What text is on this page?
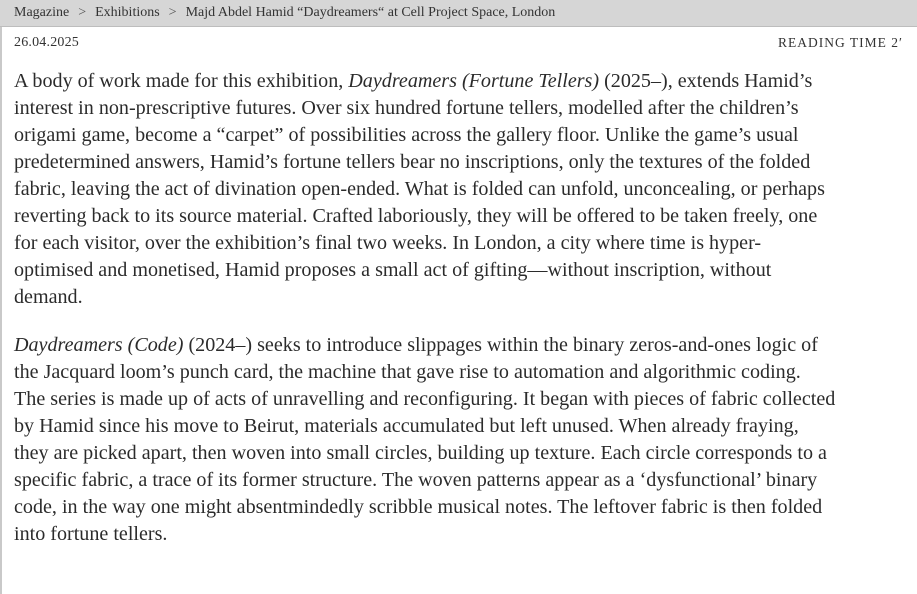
Magazine > Exhibitions > Majd Abdel Hamid “Daydreamers“ at Cell Project Space, London
26.04.2025	READING TIME 2′

A body of work made for this exhibition, Daydreamers (Fortune Tellers) (2025–), extends Hamid’s interest in non-prescriptive futures. Over six hundred fortune tellers, modelled after the children’s origami game, become a “carpet” of possibilities across the gallery floor. Unlike the game’s usual predetermined answers, Hamid’s fortune tellers bear no inscriptions, only the textures of the folded fabric, leaving the act of divination open-ended. What is folded can unfold, unconcealing, or perhaps reverting back to its source material. Crafted laboriously, they will be offered to be taken freely, one for each visitor, over the exhibition’s final two weeks. In London, a city where time is hyper-optimised and monetised, Hamid proposes a small act of gifting—without inscription, without demand.

Daydreamers (Code) (2024–) seeks to introduce slippages within the binary zeros-and-ones logic of the Jacquard loom’s punch card, the machine that gave rise to automation and algorithmic coding. The series is made up of acts of unravelling and reconfiguring. It began with pieces of fabric collected by Hamid since his move to Beirut, materials accumulated but left unused. When already fraying, they are picked apart, then woven into small circles, building up texture. Each circle corresponds to a specific fabric, a trace of its former structure. The woven patterns appear as a ‘dysfunctional’ binary code, in the way one might absentmindedly scribble musical notes. The leftover fabric is then folded into fortune tellers.
